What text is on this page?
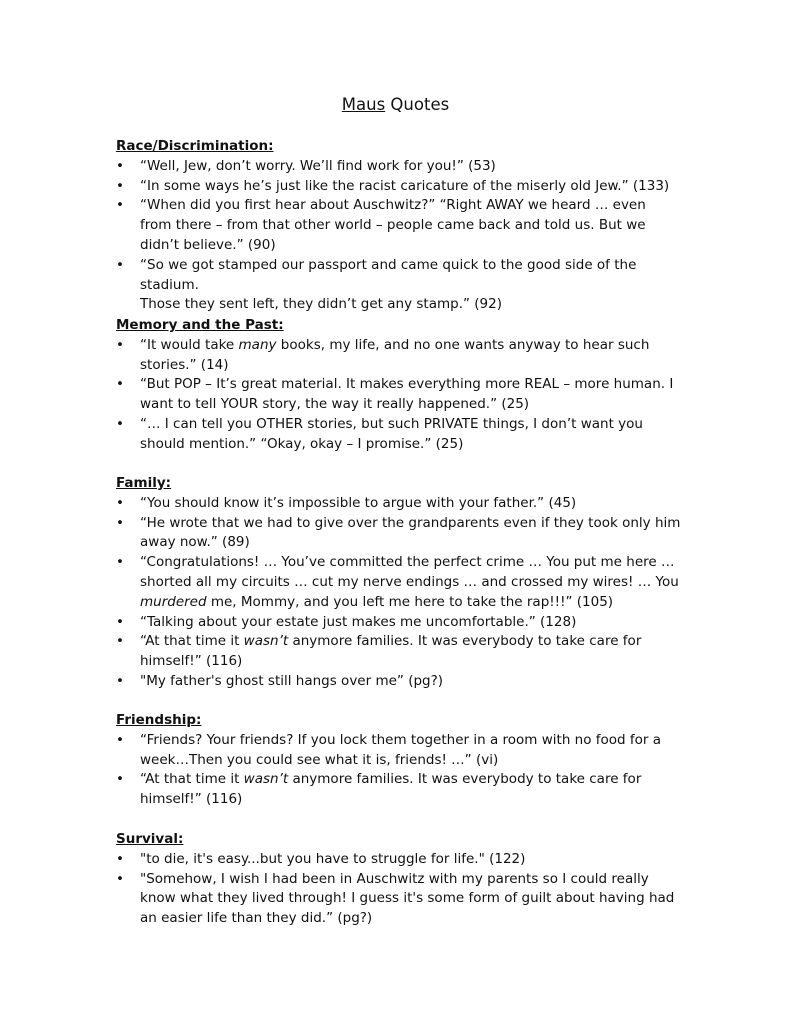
Maus Quotes
Race/Discrimination:
• “Well, Jew, don’t worry. We’ll find work for you!” (53)
• “In some ways he’s just like the racist caricature of the miserly old Jew.” (133)
• “When did you first hear about Auschwitz?” “Right AWAY we heard … even
from there – from that other world – people came back and told us. But we
didn’t believe.” (90)
• “So we got stamped our passport and came quick to the good side of the stadium.
Those they sent left, they didn’t get any stamp.” (92)
Memory and the Past:
• “It would take many books, my life, and no one wants anyway to hear such
stories.” (14)
• “But POP – It’s great material. It makes everything more REAL – more human. I
want to tell YOUR story, the way it really happened.” (25)
• “… I can tell you OTHER stories, but such PRIVATE things, I don’t want you
should mention.” “Okay, okay – I promise.” (25)
Family:
• “You should know it’s impossible to argue with your father.” (45)
• “He wrote that we had to give over the grandparents even if they took only him
away now.” (89)
• “Congratulations! … You’ve committed the perfect crime … You put me here …
shorted all my circuits … cut my nerve endings … and crossed my wires! … You
murdered me, Mommy, and you left me here to take the rap!!!” (105)
• “Talking about your estate just makes me uncomfortable.” (128)
• “At that time it wasn’t anymore families. It was everybody to take care for
himself!” (116)
• "My father's ghost still hangs over me” (pg?)
Friendship:
• “Friends? Your friends? If you lock them together in a room with no food for a
week…Then you could see what it is, friends! …” (vi)
• “At that time it wasn’t anymore families. It was everybody to take care for
himself!” (116)
Survival:
• "to die, it's easy...but you have to struggle for life." (122)
• "Somehow, I wish I had been in Auschwitz with my parents so I could really
know what they lived through! I guess it's some form of guilt about having had
an easier life than they did.” (pg?)
